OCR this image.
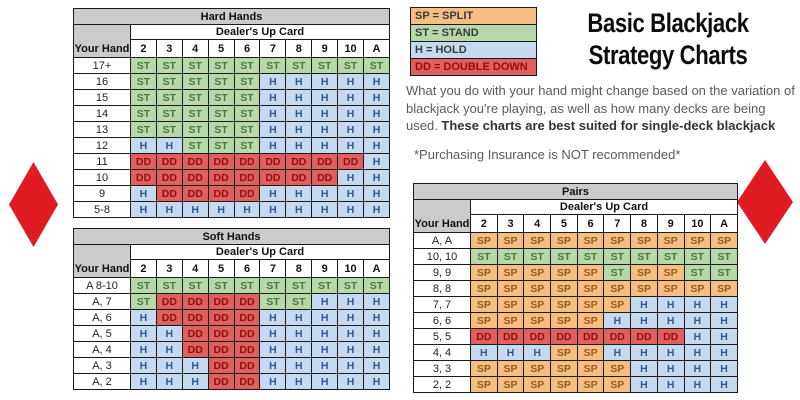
Hard Hands										
Your Hand	Dealer's Up Card									
	2	3	4	5	6	7	8	9	10	A
17+	ST	ST	ST	ST	ST	ST	ST	ST	ST	ST
16	ST	ST	ST	ST	ST	H	H	H	H	H
15	ST	ST	ST	ST	ST	H	H	H	H	H
14	ST	ST	ST	ST	ST	H	H	H	H	H
13	ST	ST	ST	ST	ST	H	H	H	H	H
12	H	H	ST	ST	ST	H	H	H	H	H
11	DD	DD	DD	DD	DD	DD	DD	DD	DD	H
10	DD	DD	DD	DD	DD	DD	DD	DD	H	H
9	H	DD	DD	DD	DD	H	H	H	H	H
5-8	H	H	H	H	H	H	H	H	H	H
Soft Hands										
Your Hand	Dealer's Up Card									
	2	3	4	5	6	7	8	9	10	A
A 8-10	ST	ST	ST	ST	ST	ST	ST	ST	ST	ST
A, 7	ST	DD	DD	DD	DD	ST	ST	H	H	H
A, 6	H	DD	DD	DD	DD	H	H	H	H	H
A, 5	H	H	DD	DD	DD	H	H	H	H	H
A, 4	H	H	DD	DD	DD	H	H	H	H	H
A, 3	H	H	H	DD	DD	H	H	H	H	H
A, 2	H	H	H	DD	DD	H	H	H	H	H
Pairs										
Your Hand	Dealer's Up Card									
	2	3	4	5	6	7	8	9	10	A
A, A	SP	SP	SP	SP	SP	SP	SP	SP	SP	SP
10, 10	ST	ST	ST	ST	ST	ST	ST	ST	ST	ST
9, 9	SP	SP	SP	SP	SP	ST	SP	SP	ST	ST
8, 8	SP	SP	SP	SP	SP	SP	SP	SP	SP	SP
7, 7	SP	SP	SP	SP	SP	SP	H	H	H	H
6, 6	SP	SP	SP	SP	SP	H	H	H	H	H
5, 5	DD	DD	DD	DD	DD	DD	DD	DD	H	H
4, 4	H	H	H	SP	SP	H	H	H	H	H
3, 3	SP	SP	SP	SP	SP	SP	H	H	H	H
2, 2	SP	SP	SP	SP	SP	SP	H	H	H	H
SP = SPLIT
ST = STAND
H = HOLD
DD = DOUBLE DOWN
Basic Blackjack
Strategy Charts

What you do with your hand might change based on the variation of blackjack you're playing, as well as how many decks are being used. These charts are best suited for single-deck blackjack

*Purchasing Insurance is NOT recommended*
